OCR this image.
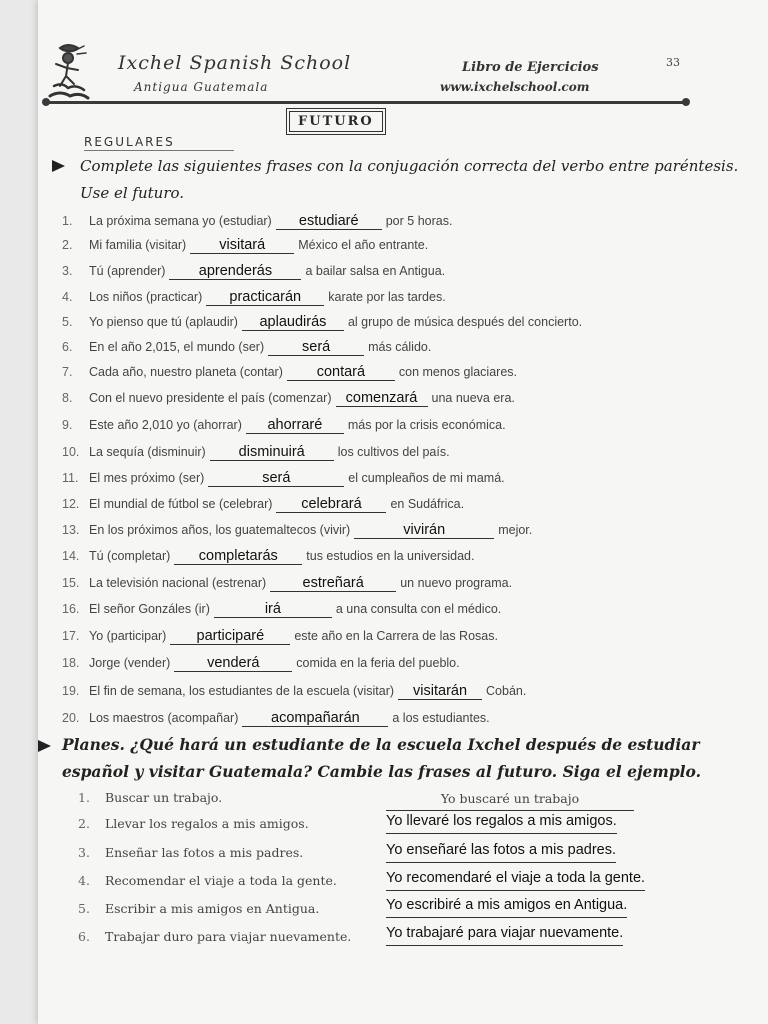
Ixchel Spanish School
Antigua Guatemala
Libro de Ejercicios
www.ixchelschool.com
33
FUTURO
REGULARES
Complete las siguientes frases con la conjugación correcta del verbo entre paréntesis. Use el futuro.
1. La próxima semana yo (estudiar) estudiaré por 5 horas.
2. Mi familia (visitar) visitará	México el año entrante.
3. Tú (aprender) aprenderás	a bailar salsa en Antigua.
4. Los niños (practicar) practicarán karate por las tardes.
5. Yo pienso que tú (aplaudir) aplaudirás al grupo de música después del concierto.
6. En el año 2,015, el mundo (ser)	será	más cálido.
7. Cada año, nuestro planeta (contar) contará	con menos glaciares.
8. Con el nuevo presidente el país (comenzar) comenzará una nueva era.
9. Este año 2,010 yo (ahorrar) ahorraré más por la crisis económica.
10. La sequía (disminuir) disminuirá	los cultivos del país.
11. El mes próximo (ser)	será	el cumpleaños de mi mamá.
12. El mundial de fútbol se (celebrar) celebrará en Sudáfrica.
13. En los próximos años, los guatemaltecos (vivir)	vivirán	mejor.
14. Tú (completar) completarás tus estudios en la universidad.
15. La televisión nacional (estrenar)	estreñará	un nuevo programa.
16. El señor Gonzáles (ir)	irá	a una consulta con el médico.
17. Yo (participar) participaré este año en la Carrera de las Rosas.
18. Jorge (vender)	venderá	comida en la feria del pueblo.
19. El fin de semana, los estudiantes de la escuela (visitar) visitarán Cobán.
20. Los maestros (acompañar) acompañarán	a los estudiantes.
Planes. ¿Qué hará un estudiante de la escuela Ixchel después de estudiar español y visitar Guatemala? Cambie las frases al futuro. Siga el ejemplo.
1. Buscar un trabajo.	Yo buscaré un trabajo
2. Llevar los regalos a mis amigos.	Yo llevaré los regalos a mis amigos.
3. Enseñar las fotos a mis padres.	Yo enseñaré las fotos a mis padres.
4. Recomendar el viaje a toda la gente.	Yo recomendaré el viaje a toda la gente.
5. Escribir a mis amigos en Antigua.	Yo escribiré a mis amigos en Antigua.
6. Trabajar duro para viajar nuevamente. Yo trabajaré para viajar nuevamente.
